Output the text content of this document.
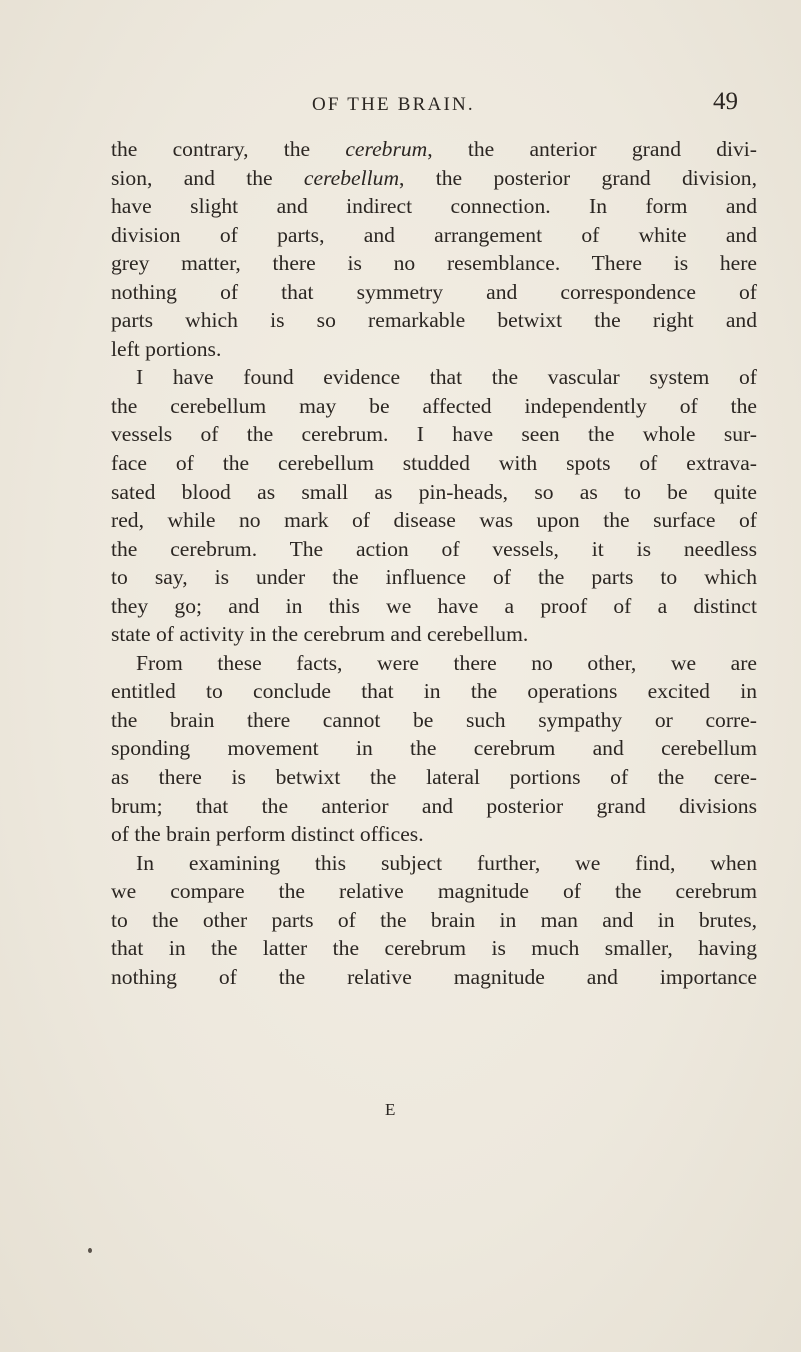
OF THE BRAIN.	49
the contrary, the cerebrum, the anterior grand divi-
sion, and the cerebellum, the posterior grand division,
have slight and indirect connection. In form and
division of parts, and arrangement of white and
grey matter, there is no resemblance. There is here
nothing of that symmetry and correspondence of
parts which is so remarkable betwixt the right and
left portions.
I have found evidence that the vascular system of
the cerebellum may be affected independently of the
vessels of the cerebrum. I have seen the whole sur-
face of the cerebellum studded with spots of extrava-
sated blood as small as pin-heads, so as to be quite
red, while no mark of disease was upon the surface of
the cerebrum. The action of vessels, it is needless
to say, is under the influence of the parts to which
they go; and in this we have a proof of a distinct
state of activity in the cerebrum and cerebellum.
From these facts, were there no other, we are
entitled to conclude that in the operations excited in
the brain there cannot be such sympathy or corre-
sponding movement in the cerebrum and cerebellum
as there is betwixt the lateral portions of the cere-
brum; that the anterior and posterior grand divisions
of the brain perform distinct offices.
In examining this subject further, we find, when
we compare the relative magnitude of the cerebrum
to the other parts of the brain in man and in brutes,
that in the latter the cerebrum is much smaller, having
nothing of the relative magnitude and importance
E
